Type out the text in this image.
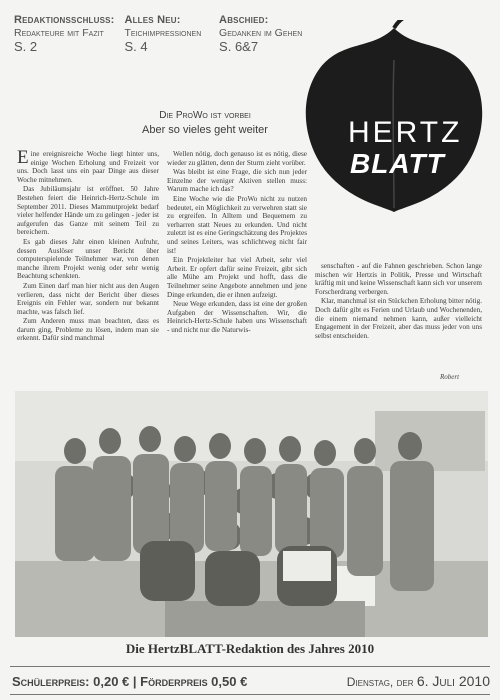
Redaktionsschluss:
Redakteure mit Fazit
S. 2
Alles Neu:
Teichimpressionen
S. 4
Abschied:
Gedanken im Gehen
S. 6&7
HERTZ
BLATT
Die ProWo ist vorbei
Aber so vieles geht weiter

Eine ereignisreiche Woche liegt hinter uns, einige Wochen Erholung und Freizeit vor uns. Doch lasst uns ein paar Dinge aus dieser Woche mitnehmen.

Das Jubiläumsjahr ist eröffnet. 50 Jahre Bestehen feiert die Heinrich-Hertz-Schule im September 2011. Dieses Mammutprojekt bedarf vieler helfender Hände um zu gelingen - jeder ist aufgerufen das Ganze mit seinem Teil zu bereichern.

Es gab dieses Jahr einen kleinen Aufruhr, dessen Auslöser unser Bericht über computerspielende Teilnehmer war, von denen manche ihrem Projekt wenig oder sehr wenig Beachtung schenkten.

Zum Einen darf man hier nicht aus den Augen verlieren, dass nicht der Bericht über dieses Ereignis ein Fehler war, sondern nur bekannt machte, was falsch lief.

Zum Anderen muss man beachten, dass es darum ging, Probleme zu lösen, indem man sie erkennt. Dafür sind manchmal

Wellen nötig, doch genauso ist es nötig, diese wieder zu glätten, denn der Sturm zieht vorüber.

Was bleibt ist eine Frage, die sich nun jeder Einzelne der weniger Aktiven stellen muss: Warum mache ich das?

Eine Woche wie die ProWo nicht zu nutzen bedeutet, ein Möglichkeit zu verwehren statt sie zu ergreifen. In Alltem und Bequemem zu verharren statt Neues zu erkunden. Und nicht zuletzt ist es eine Geringschätzung des Projektes und seines Leiters, was schlichtweg nicht fair ist!

Ein Projektleiter hat viel Arbeit, sehr viel Arbeit. Er opfert dafür seine Freizeit, gibt sich alle Mühe am Projekt und hofft, dass die Teilnehmer seine Angebote annehmen und jene Dinge erkunden, die er ihnen aufzeigt.

Neue Wege erkunden, dass ist eine der großen Aufgaben der Wissenschaften. Wir, die Heinrich-Hertz-Schule haben uns Wissenschaft - und nicht nur die Naturwis-

senschaften - auf die Fahnen geschrieben. Schon lange mischen wir Hertzis in Politik, Presse und Wirtschaft kräftig mit und keine Wissenschaft kann sich vor unserem Forscherdrang verbergen.

Klar, manchmal ist ein Stückchen Erholung bitter nötig. Doch dafür gibt es Ferien und Urlaub und Wochenenden, die einem niemand nehmen kann, außer vielleicht Engagement in der Freizeit, aber das muss jeder von uns selbst entscheiden.

Robert
Die HertzBLATT-Redaktion des Jahres 2010
Schülerpreis: 0,20 € | Förderpreis 0,50 €	Dienstag, der 6. Juli 2010
